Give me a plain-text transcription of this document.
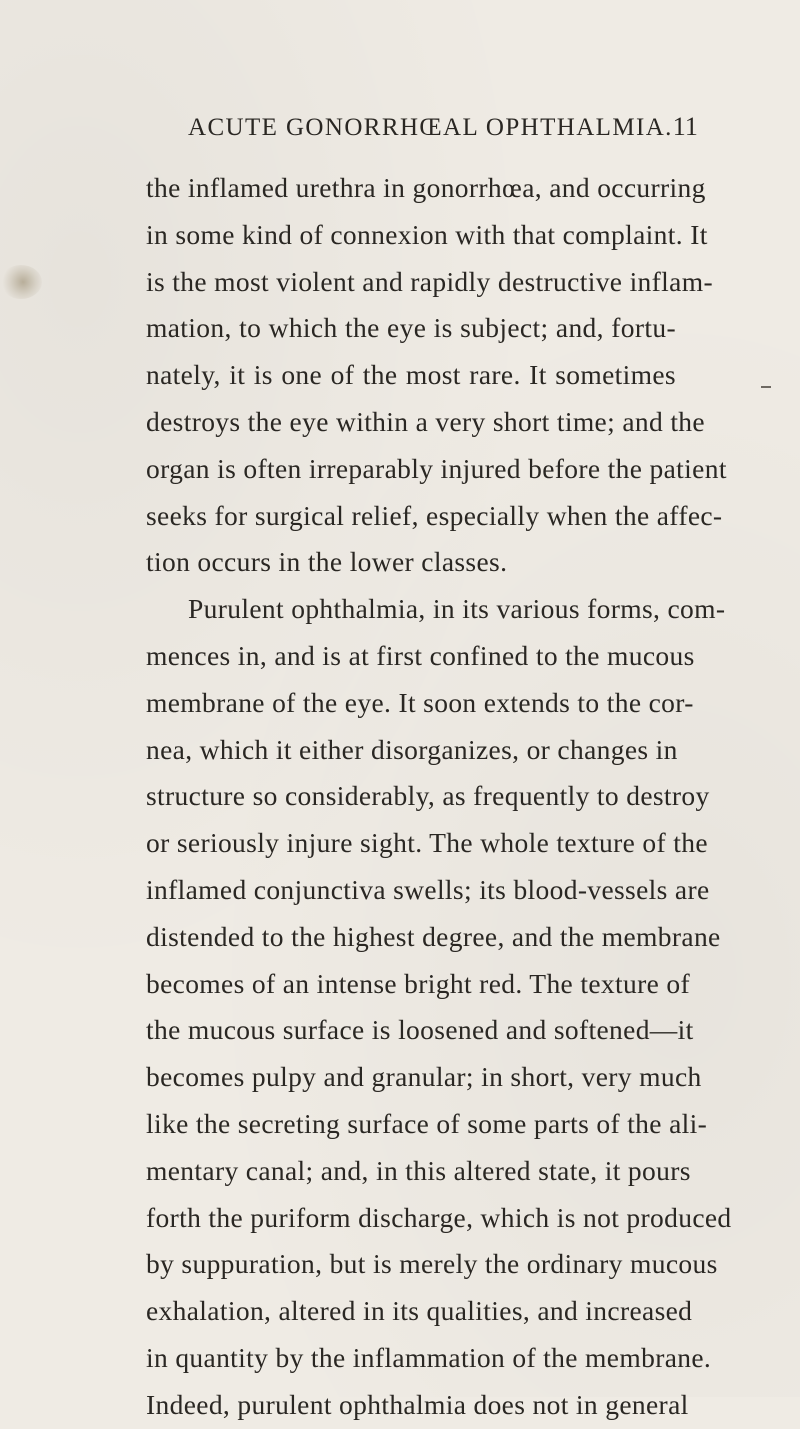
ACUTE GONORRHŒAL OPHTHALMIA. 11
the inflamed urethra in gonorrhœa, and occurring
in some kind of connexion with that complaint. It
is the most violent and rapidly destructive inflam-
mation, to which the eye is subject; and, fortu-
nately, it is one of the most rare. It sometimes
destroys the eye within a very short time; and the
organ is often irreparably injured before the patient
seeks for surgical relief, especially when the affec-
tion occurs in the lower classes.
Purulent ophthalmia, in its various forms, com-
mences in, and is at first confined to the mucous
membrane of the eye. It soon extends to the cor-
nea, which it either disorganizes, or changes in
structure so considerably, as frequently to destroy
or seriously injure sight. The whole texture of the
inflamed conjunctiva swells; its blood-vessels are
distended to the highest degree, and the membrane
becomes of an intense bright red. The texture of
the mucous surface is loosened and softened—it
becomes pulpy and granular; in short, very much
like the secreting surface of some parts of the ali-
mentary canal; and, in this altered state, it pours
forth the puriform discharge, which is not produced
by suppuration, but is merely the ordinary mucous
exhalation, altered in its qualities, and increased
in quantity by the inflammation of the membrane.
Indeed, purulent ophthalmia does not in general
